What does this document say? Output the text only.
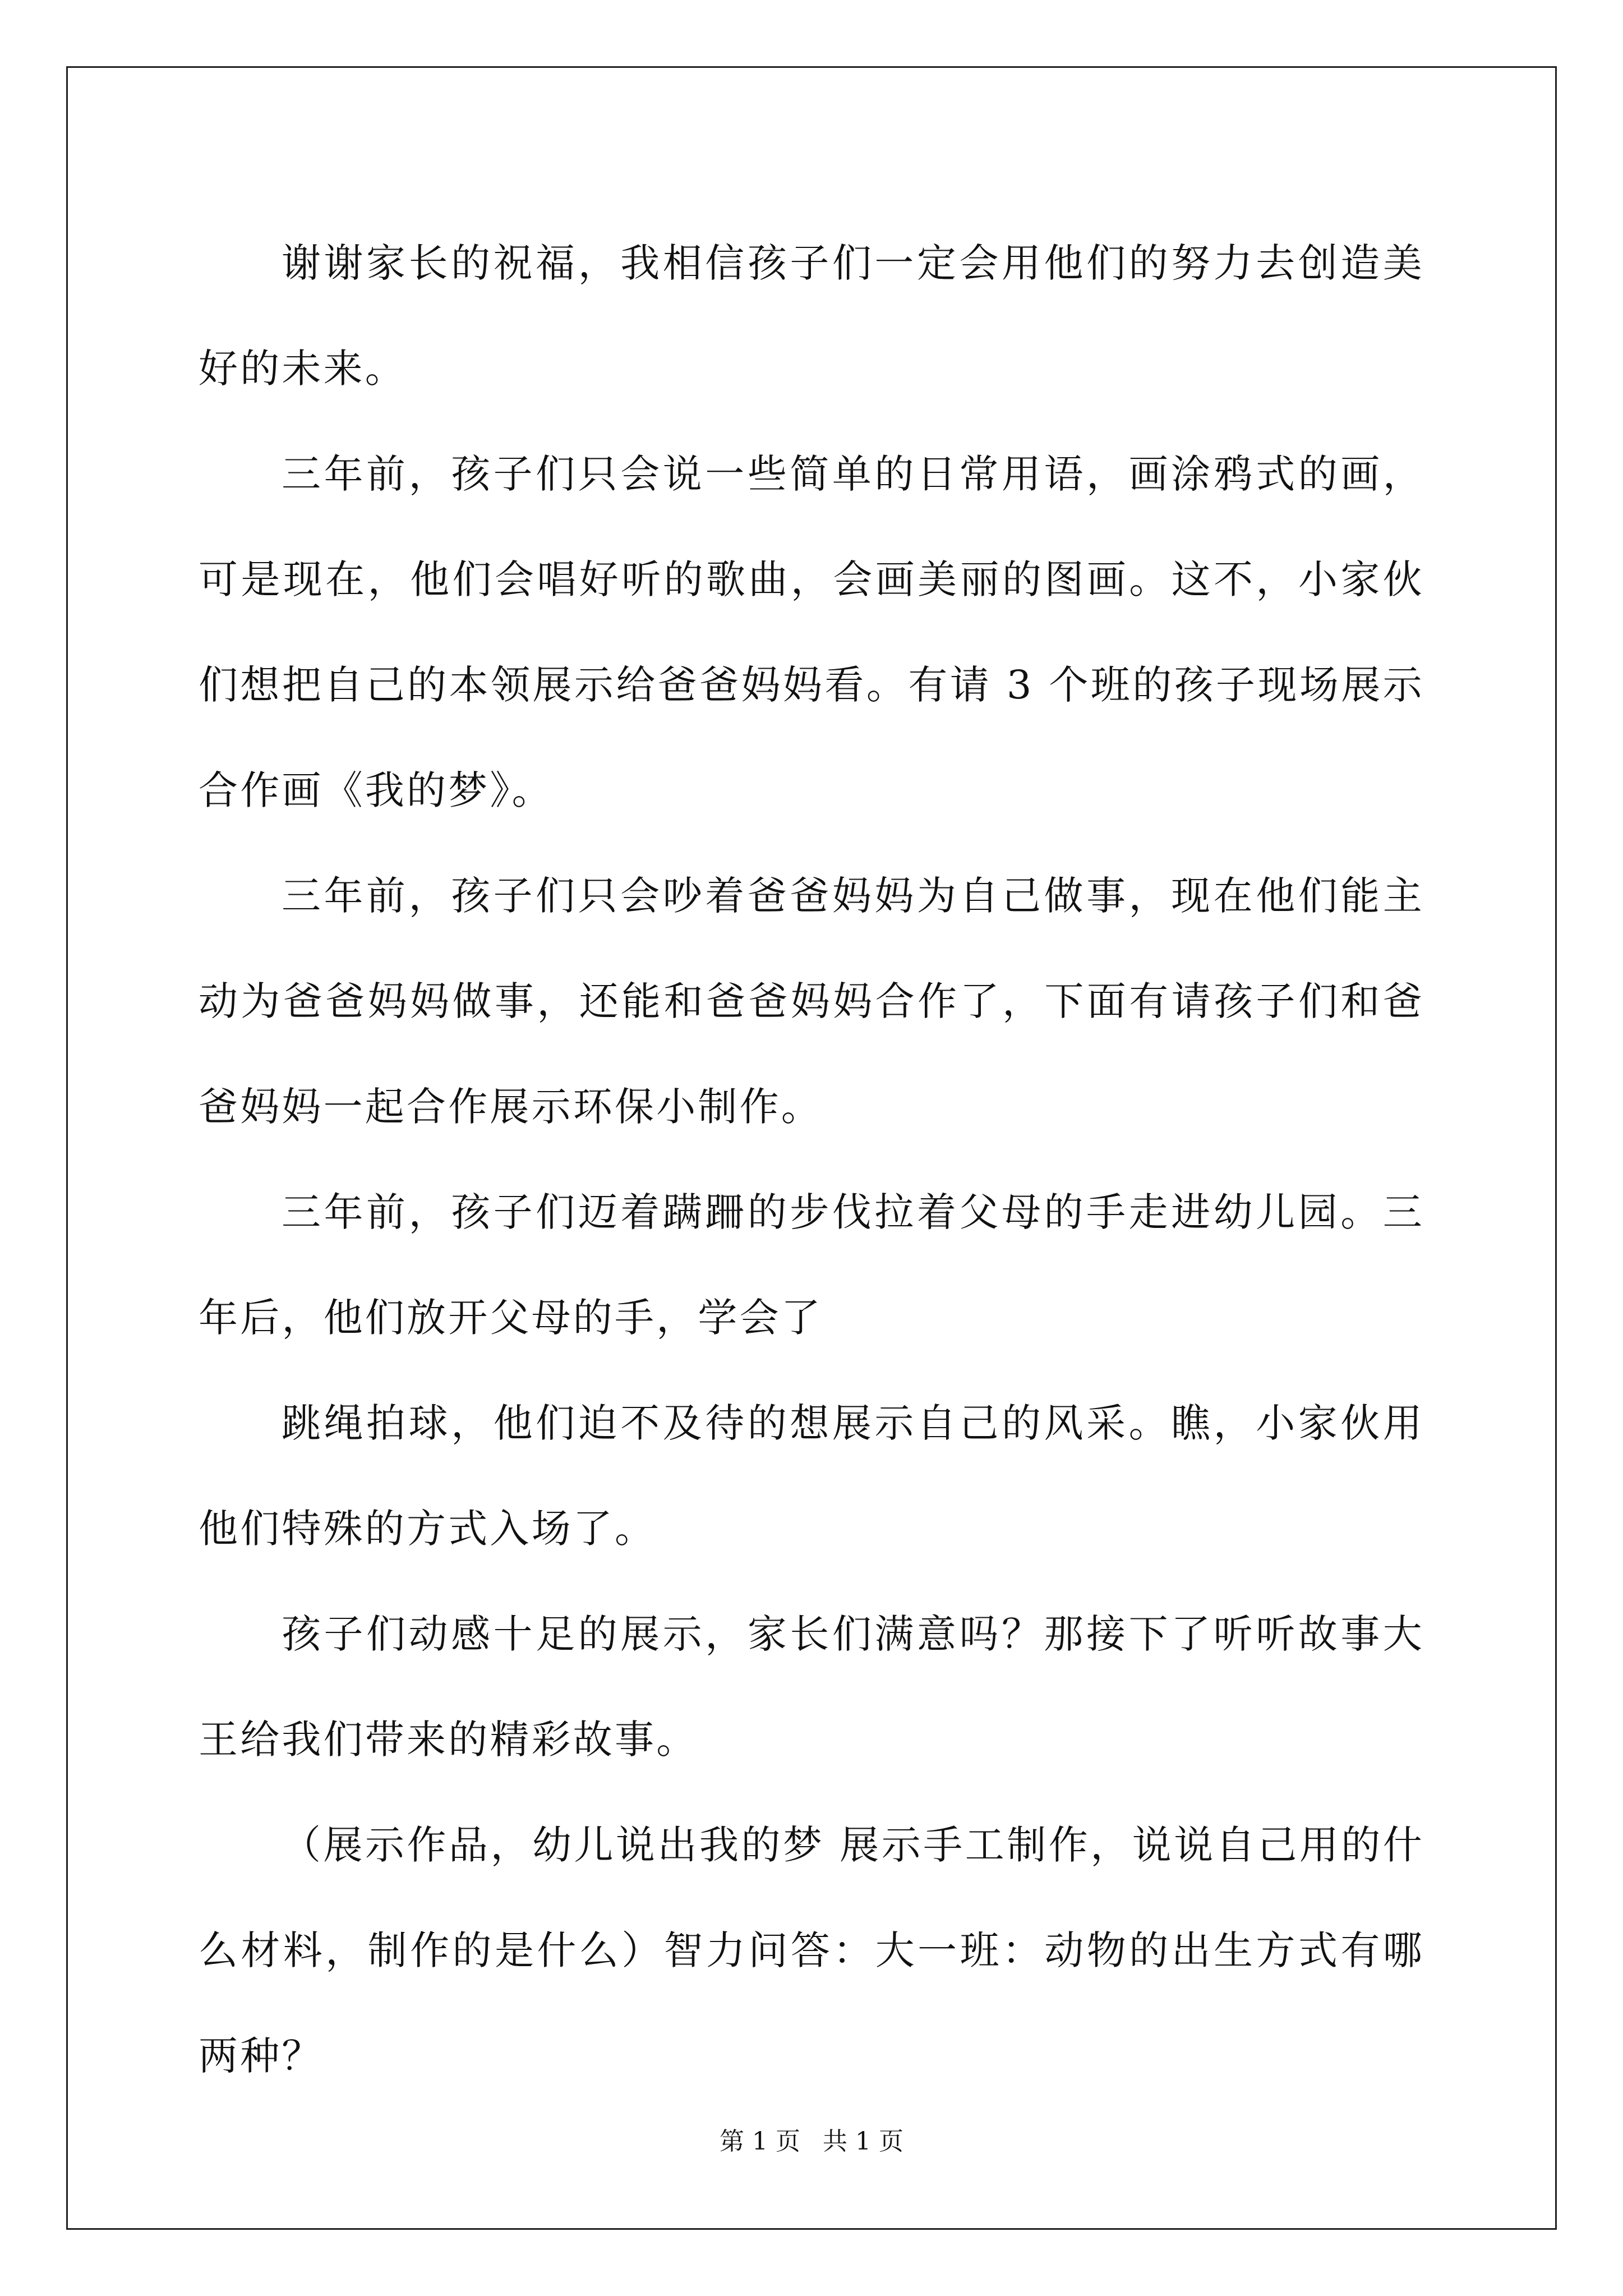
谢谢家长的祝福，我相信孩子们一定会用他们的努力去创造美好的未来。

三年前，孩子们只会说一些简单的日常用语，画涂鸦式的画，可是现在，他们会唱好听的歌曲，会画美丽的图画。这不，小家伙们想把自己的本领展示给爸爸妈妈看。有请 3 个班的孩子现场展示合作画《我的梦》。

三年前，孩子们只会吵着爸爸妈妈为自己做事，现在他们能主动为爸爸妈妈做事，还能和爸爸妈妈合作了，下面有请孩子们和爸爸妈妈一起合作展示环保小制作。

三年前，孩子们迈着蹒跚的步伐拉着父母的手走进幼儿园。三年后，他们放开父母的手，学会了

跳绳拍球，他们迫不及待的想展示自己的风采。瞧，小家伙用他们特殊的方式入场了。

孩子们动感十足的展示，家长们满意吗？那接下了听听故事大王给我们带来的精彩故事。

（展示作品，幼儿说出我的梦 展示手工制作，说说自己用的什么材料，制作的是什么）智力问答：大一班：动物的出生方式有哪两种？

第 1 页 共 1 页
